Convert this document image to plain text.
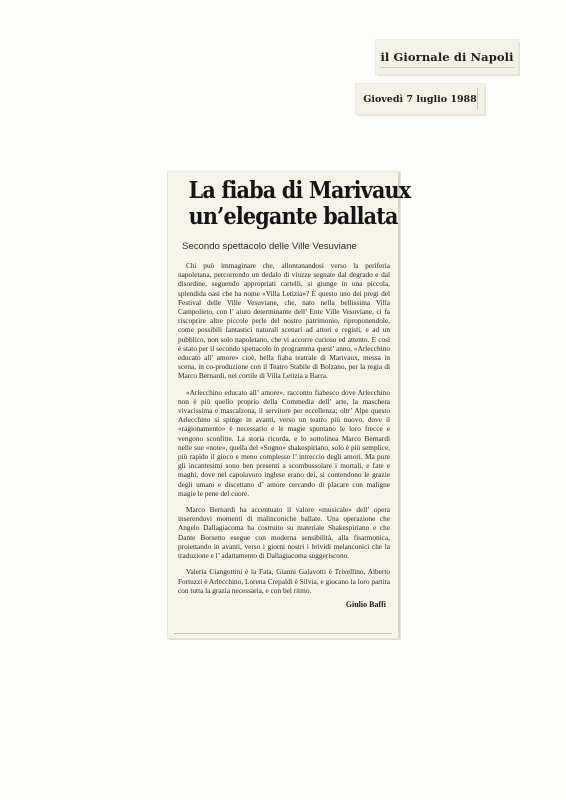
il Giornale di Napoli
Giovedì 7 luglio 1988
La fiaba di Marivaux
un’elegante ballata
Secondo spettacolo delle Ville Vesuviane

Chi può immaginare che, allontanandosi verso la periferia napoletana, percorrendo un dedalo di viuzze segnate dal degrado e dal disordine, seguendo appropriati cartelli, si giunge in una piccola, splendida oasi che ha nome «Villa Letizia»? È questo uno dei pregi del Festival delle Ville Vesuviane, che, nato nella bellissima Villa Campolieto, con l’ aiuto determinante dell’ Ente Ville Vesuviane, ci fa riscoprire altre piccole perle del nostro patrimonio, riproponendole, come possibili fantastici naturali scenari ad attori e registi, e ad un pubblico, non solo napoletano, che vi accorre curioso ed attento. E così è stato per il secondo spettacolo in programma quest’ anno, «Arlecchino educato all’ amore» cioè, bella fiaba teatrale di Marivaux, messa in scena, in co-produzione con il Teatro Stabile di Bolzano, per la regia di Marco Bernardi, nel cortile di Villa Letizia a Barra.

«Arlecchino educato all’ amore», racconto fiabesco dove Arlecchino non è più quello proprio della Commedia dell’ arte, la maschera vivacissima e mascalzona, il servitore per eccellenza; oltr’ Alpe questo Arlecchino si spinge in avanti, verso un teatro più nuovo, dove il «ragionamento» è necessario e le magie spuntano le loro frecce e vengono sconfitte. La storia ricorda, e lo sottolinea Marco Bernardi nelle sue «note», quella del «Sogno» shakespiriano, solo è più semplice, più rapido il gioco e meno complesso l’ intreccio degli amori. Ma pure gli incantesimi sono ben presenti a scombussolare i mortali, e fate e maghi, dove nel capolavoro inglese erano dei, si contendono le grazie degli umani e discettano d’ amore cercando di placare con maligne magie le pene del cuore.

Marco Bernardi ha accentuato il valore «musicale» dell’ opera inserendovi momenti di malinconiche ballate. Una operazione che Angelo Dallagiacoma ha costruito su materiale Shakespiriano e che Dante Borsetto esegue con moderna sensibilità, alla fisarmonica, proiettando in avanti, verso i giorni nostri i brividi melanconici che la traduzione e l’ adattamento di Dallagiacoma suggeriscono.

Valeria Ciangottini è la Fata, Gianni Galavotti è Trivellino, Alberto Fortuzzi è Arlecchino, Lorena Crepaldi è Silvia, e giocano la loro partita con tutta la grazia necessaria, e con bel ritmo.

Giulio Baffi
